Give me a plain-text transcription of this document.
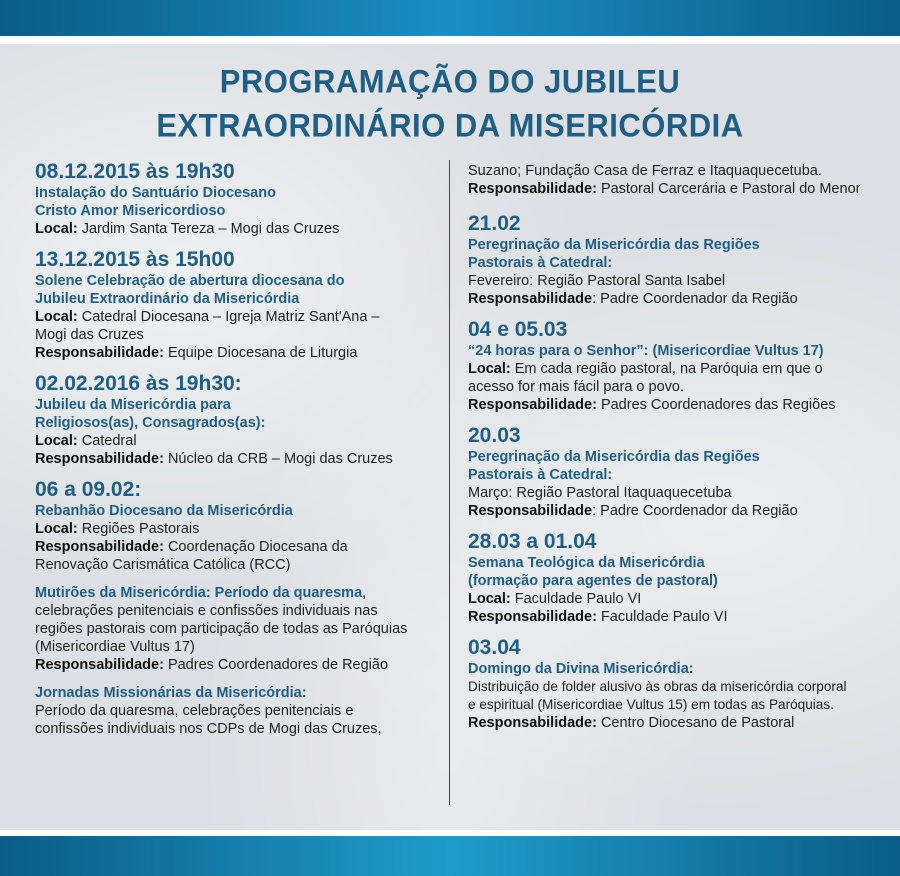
PROGRAMAÇÃO DO JUBILEU
EXTRAORDINÁRIO DA MISERICÓRDIA

08.12.2015 às 19h30

Instalação do Santuário Diocesano

Cristo Amor Misericordioso

Local: Jardim Santa Tereza – Mogi das Cruzes

13.12.2015 às 15h00

Solene Celebração de abertura diocesana do

Jubileu Extraordinário da Misericórdia

Local: Catedral Diocesana – Igreja Matriz Sant'Ana –

Mogi das Cruzes

Responsabilidade: Equipe Diocesana de Liturgia

02.02.2016 às 19h30:

Jubileu da Misericórdia para

Religiosos(as), Consagrados(as):

Local: Catedral

Responsabilidade: Núcleo da CRB – Mogi das Cruzes

06 a 09.02:

Rebanhão Diocesano da Misericórdia

Local: Regiões Pastorais

Responsabilidade: Coordenação Diocesana da

Renovação Carismática Católica (RCC)

Mutirões da Misericórdia: Período da quaresma,

celebrações penitenciais e confissões individuais nas

regiões pastorais com participação de todas as Paróquias

(Misericordiae Vultus 17)

Responsabilidade: Padres Coordenadores de Região

Jornadas Missionárias da Misericórdia:

Período da quaresma, celebrações penitenciais e

confissões individuais nos CDPs de Mogi das Cruzes,

Suzano; Fundação Casa de Ferraz e Itaquaquecetuba.

Responsabilidade: Pastoral Carcerária e Pastoral do Menor

21.02

Peregrinação da Misericórdia das Regiões

Pastorais à Catedral:

Fevereiro: Região Pastoral Santa Isabel

Responsabilidade: Padre Coordenador da Região

04 e 05.03

“24 horas para o Senhor”: (Misericordiae Vultus 17)

Local: Em cada região pastoral, na Paróquia em que o

acesso for mais fácil para o povo.

Responsabilidade: Padres Coordenadores das Regiões

20.03

Peregrinação da Misericórdia das Regiões

Pastorais à Catedral:

Março: Região Pastoral Itaquaquecetuba

Responsabilidade: Padre Coordenador da Região

28.03 a 01.04

Semana Teológica da Misericórdia

(formação para agentes de pastoral)

Local: Faculdade Paulo VI

Responsabilidade: Faculdade Paulo VI

03.04

Domingo da Divina Misericórdia:

Distribuição de folder alusivo às obras da misericórdia corporal

e espiritual (Misericordiae Vultus 15) em todas as Paróquias.

Responsabilidade: Centro Diocesano de Pastoral
